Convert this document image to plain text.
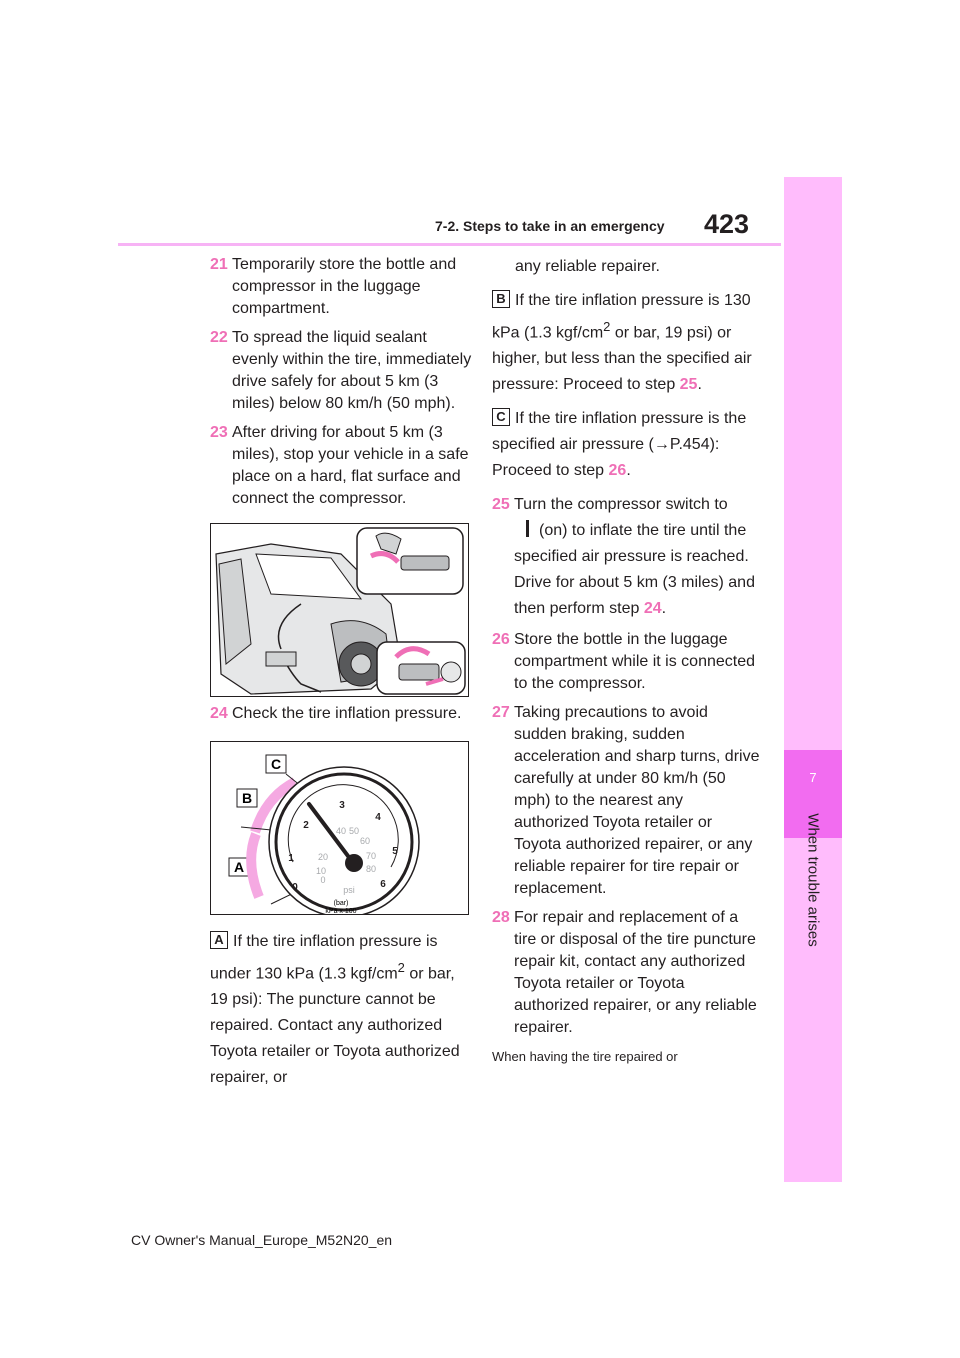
7-2. Steps to take in an emergency 423
7
When trouble arises
21 Temporarily store the bottle and compressor in the luggage compartment.
22 To spread the liquid sealant evenly within the tire, immediately drive safely for about 5 km (3 miles) below 80 km/h (50 mph).
23 After driving for about 5 km (3 miles), stop your vehicle in a safe place on a hard, flat surface and connect the compressor.
24 Check the tire inflation pressure.
C
B
A
0
1
2
3
4
5
6
0
10
20
40 50
60
70
80
psi
(bar)
kPa x 100
A If the tire inflation pressure is under 130 kPa (1.3 kgf/$cm^2$ or bar, 19 psi): The puncture cannot be repaired. Contact any authorized Toyota retailer or Toyota authorized repairer, or
any reliable repairer.
B If the tire inflation pressure is 130 kPa (1.3 kgf/$cm^2$ or bar, 19 psi) or higher, but less than the specified air pressure: Proceed to step 25.
C If the tire inflation pressure is the specified air pressure (→P.454): Proceed to step 26.
25 Turn the compressor switch to
(on) to inflate the tire until the specified air pressure is reached. Drive for about 5 km (3 miles) and then perform step 24.
26 Store the bottle in the luggage compartment while it is connected to the compressor.
27 Taking precautions to avoid sudden braking, sudden acceleration and sharp turns, drive carefully at under 80 km/h (50 mph) to the nearest any authorized Toyota retailer or Toyota authorized repairer, or any reliable repairer for tire repair or replacement.
28 For repair and replacement of a tire or disposal of the tire puncture repair kit, contact any authorized Toyota retailer or Toyota authorized repairer, or any reliable repairer.
When having the tire repaired or
CV Owner's Manual_Europe_M52N20_en
